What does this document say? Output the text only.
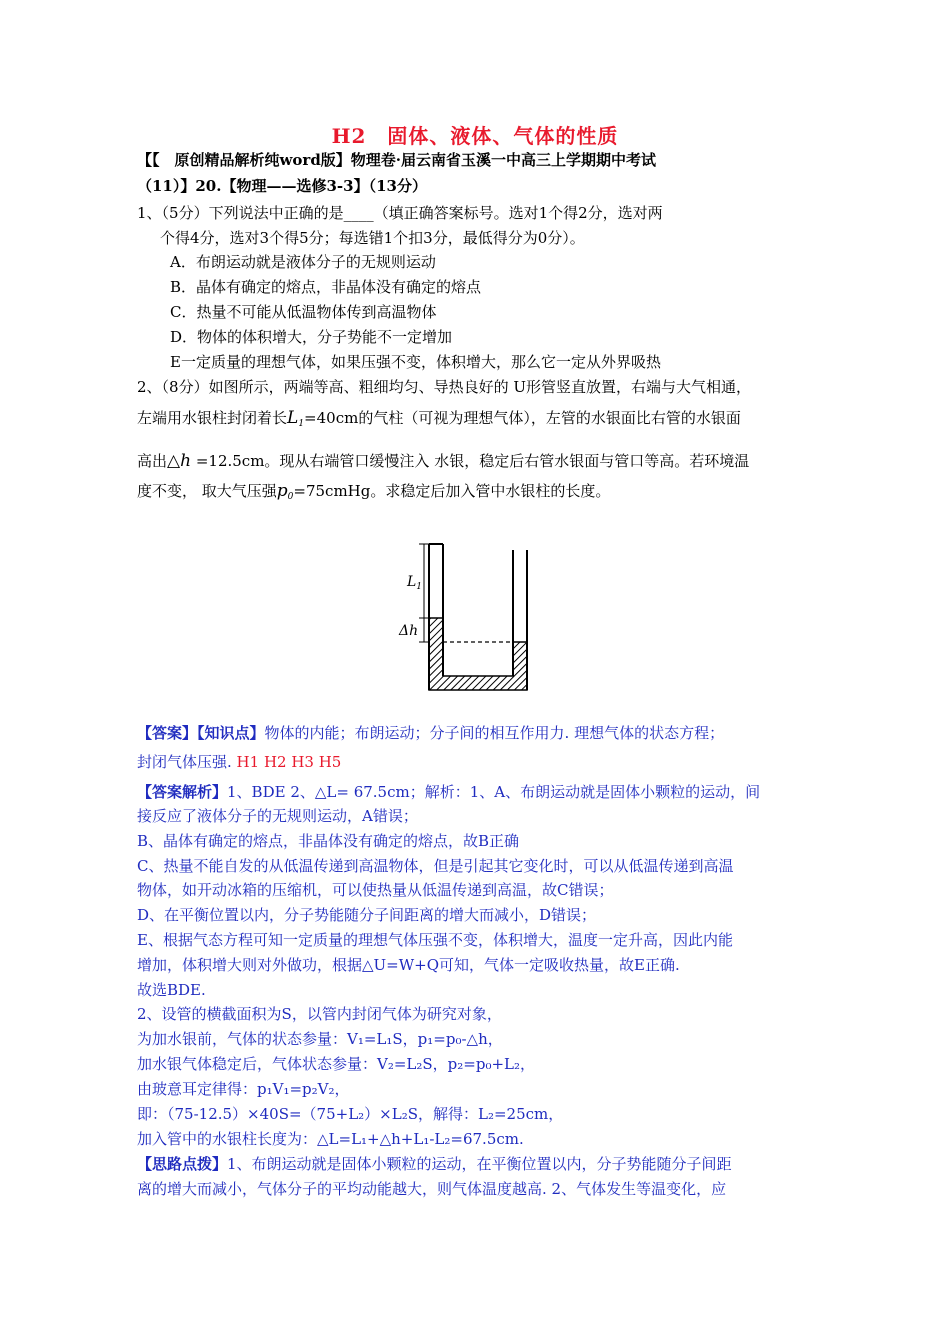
H2　固体、液体、气体的性质
【【　原创精品解析纯word版】物理卷·届云南省玉溪一中高三上学期期中考试
（11）】20.【物理——选修3-3】（13分）
1、（5分）下列说法中正确的是____（填正确答案标号。选对1个得2分，选对两
个得4分，选对3个得5分；每选错1个扣3分，最低得分为0分）。
A．布朗运动就是液体分子的无规则运动
B．晶体有确定的熔点，非晶体没有确定的熔点
C．热量不可能从低温物体传到高温物体
D．物体的体积增大，分子势能不一定增加
E一定质量的理想气体，如果压强不变，体积增大，那么它一定从外界吸热
2、（8分）如图所示，两端等高、粗细均匀、导热良好的 U形管竖直放置，右端与大气相通，
左端用水银柱封闭着长$L_1=40cm$的气柱（可视为理想气体），左管的水银面比右管的水银面
高出△h =12.5cm。现从右端管口缓慢注入 水银，稳定后右管水银面与管口等高。若环境温
度不变， 取大气压强$p_0=75cmHg$。求稳定后加入管中水银柱的长度。
$L_1$
Δh
【答案】【知识点】物体的内能；布朗运动；分子间的相互作用力. 理想气体的状态方程；
封闭气体压强. H1 H2 H3 H5
【答案解析】1、BDE 2、△L= 67.5cm；解析：1、A、布朗运动就是固体小颗粒的运动，间
接反应了液体分子的无规则运动，A错误；
B、晶体有确定的熔点，非晶体没有确定的熔点，故B正确
C、热量不能自发的从低温传递到高温物体，但是引起其它变化时，可以从低温传递到高温
物体，如开动冰箱的压缩机，可以使热量从低温传递到高温，故C错误；
D、在平衡位置以内，分子势能随分子间距离的增大而减小，D错误；
E、根据气态方程可知一定质量的理想气体压强不变，体积增大，温度一定升高，因此内能
增加，体积增大则对外做功，根据△U=W+Q可知，气体一定吸收热量，故E正确.
故选BDE.
2、设管的横截面积为S，以管内封闭气体为研究对象，
为加水银前，气体的状态参量：V₁=L₁S，p₁=p₀-△h，
加水银气体稳定后，气体状态参量：V₂=L₂S，p₂=p₀+L₂，
由玻意耳定律得：p₁V₁=p₂V₂，
即：（75-12.5）×40S=（75+L₂）×L₂S，解得：L₂=25cm，
加入管中的水银柱长度为：△L=L₁+△h+L₁-L₂=67.5cm.
【思路点拨】1、布朗运动就是固体小颗粒的运动，在平衡位置以内，分子势能随分子间距
离的增大而减小，气体分子的平均动能越大，则气体温度越高. 2、气体发生等温变化，应
